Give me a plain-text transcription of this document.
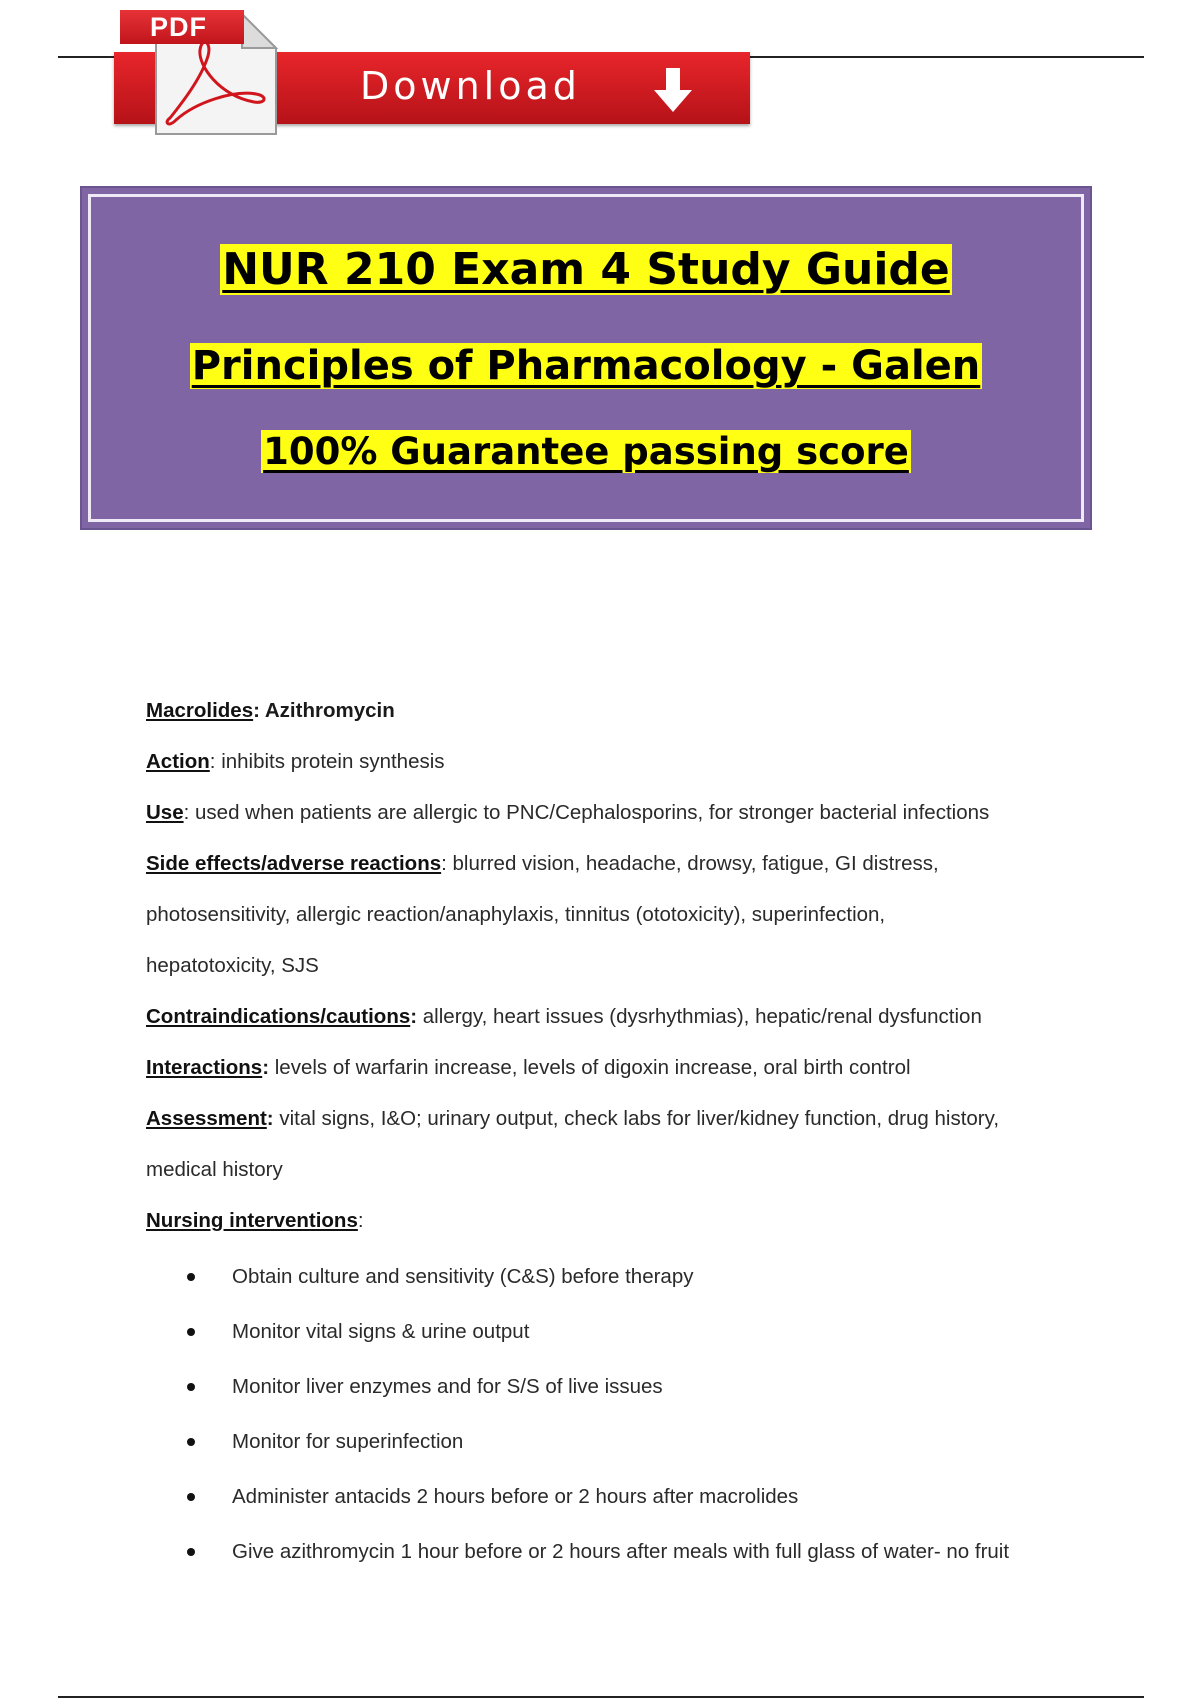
PDF
Download
NUR 210 Exam 4 Study Guide
Principles of Pharmacology - Galen
100% Guarantee passing score
Macrolides: Azithromycin
Action: inhibits protein synthesis
Use: used when patients are allergic to PNC/Cephalosporins, for stronger bacterial infections
Side effects/adverse reactions: blurred vision, headache, drowsy, fatigue, GI distress,
photosensitivity, allergic reaction/anaphylaxis, tinnitus (ototoxicity), superinfection,
hepatotoxicity, SJS
Contraindications/cautions: allergy, heart issues (dysrhythmias), hepatic/renal dysfunction
Interactions: levels of warfarin increase, levels of digoxin increase, oral birth control
Assessment: vital signs, I&O; urinary output, check labs for liver/kidney function, drug history,
medical history
Nursing interventions:
Obtain culture and sensitivity (C&S) before therapy
Monitor vital signs & urine output
Monitor liver enzymes and for S/S of live issues
Monitor for superinfection
Administer antacids 2 hours before or 2 hours after macrolides
Give azithromycin 1 hour before or 2 hours after meals with full glass of water- no fruit
